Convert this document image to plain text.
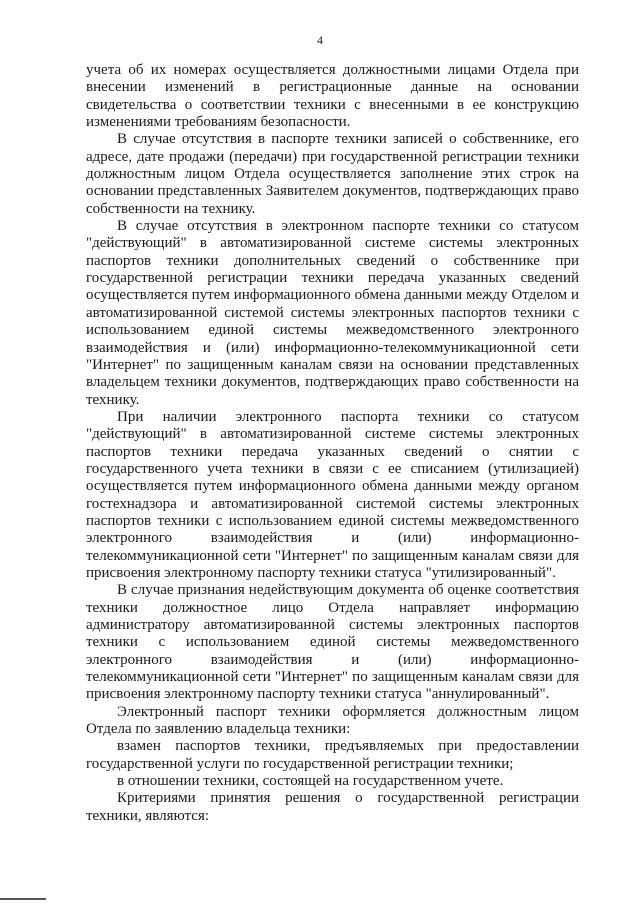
4

учета об их номерах осуществляется должностными лицами Отдела при внесении изменений в регистрационные данные на основании свидетельства о соответствии техники с внесенными в ее конструкцию изменениями требованиям безопасности.

В случае отсутствия в паспорте техники записей о собственнике, его адресе, дате продажи (передачи) при государственной регистрации техники должностным лицом Отдела осуществляется заполнение этих строк на основании представленных Заявителем документов, подтверждающих право собственности на технику.

В случае отсутствия в электронном паспорте техники со статусом "действующий" в автоматизированной системе системы электронных паспортов техники дополнительных сведений о собственнике при государственной регистрации техники передача указанных сведений осуществляется путем информационного обмена данными между Отделом и автоматизированной системой системы электронных паспортов техники с использованием единой системы межведомственного электронного взаимодействия и (или) информационно-телекоммуникационной сети "Интернет" по защищенным каналам связи на основании представленных владельцем техники документов, подтверждающих право собственности на технику.

При наличии электронного паспорта техники со статусом "действующий" в автоматизированной системе системы электронных паспортов техники передача указанных сведений о снятии с государственного учета техники в связи с ее списанием (утилизацией) осуществляется путем информационного обмена данными между органом гостехнадзора и автоматизированной системой системы электронных паспортов техники с использованием единой системы межведомственного электронного взаимодействия и (или) информационно-телекоммуникационной сети "Интернет" по защищенным каналам связи для присвоения электронному паспорту техники статуса "утилизированный".

В случае признания недействующим документа об оценке соответствия техники должностное лицо Отдела направляет информацию администратору автоматизированной системы электронных паспортов техники с использованием единой системы межведомственного электронного взаимодействия и (или) информационно-телекоммуникационной сети "Интернет" по защищенным каналам связи для присвоения электронному паспорту техники статуса "аннулированный".

Электронный паспорт техники оформляется должностным лицом Отдела по заявлению владельца техники:

взамен паспортов техники, предъявляемых при предоставлении государственной услуги по государственной регистрации техники;

в отношении техники, состоящей на государственном учете.

Критериями принятия решения о государственной регистрации техники, являются:
